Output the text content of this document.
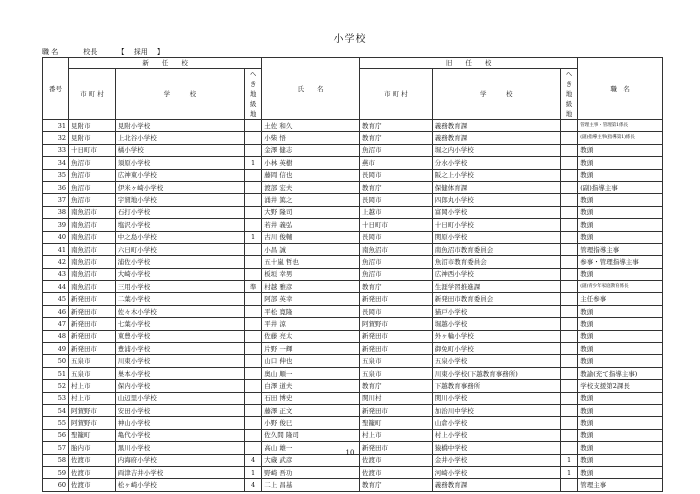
小学校
職 名　　　	校長　　	【　 採用　 】
番号	新　　任　　校			氏　　名	旧　　任　　校			職　名
	市 町 村	学　　　校	へき地級 地		市 町 村	学　　　校	へき地級 地	
31	見附市	見附小学校		土佐 和久	教育庁	義務教育課		管理主事・管理第1係長
32	見附市	上北谷小学校		小柴 悟	教育庁	義務教育課		(副)指導主事(指導第1)係長
33	十日町市	橘小学校		金澤 健志	魚沼市	堀之内小学校		教頭
34	魚沼市	須原小学校	1	小林 英樹	燕市	分水小学校		教頭
35	魚沼市	広神東小学校		藤岡 信也	長岡市	阪之上小学校		教頭
36	魚沼市	伊米ヶ崎小学校		渡部 宏夫	教育庁	保健体育課		(副)指導主事
37	魚沼市	宇賀地小学校		涌井 篤之	長岡市	四郎丸小学校		教頭
38	南魚沼市	石打小学校		大野 隆司	上越市	富岡小学校		教頭
39	南魚沼市	塩沢小学校		若井 義弘	十日町市	十日町小学校		教頭
40	南魚沼市	中之島小学校	1	古川 俊輔	長岡市	関原小学校		教頭
41	南魚沼市	六日町小学校		小昌 誠	南魚沼市	南魚沼市教育委員会		管理指導主事
42	南魚沼市	浦佐小学校		五十嵐 哲也	魚沼市	魚沼市教育委員会		参事・管理指導主事
43	南魚沼市	大崎小学校		板垣 幸男	魚沼市	広神西小学校		教頭
44	南魚沼市	三用小学校	準	村越 雅彦	教育庁	生涯学習推進課		(副)青少年家庭教育係長
45	新発田市	二葉小学校		阿部 英幸	新発田市	新発田市教育委員会		主任参事
46	新発田市	佐々木小学校		平松 寛隆	長岡市	猫戸小学校		教頭
47	新発田市	七葉小学校		平井 涼	阿賀野市	堀越小学校		教頭
48	新発田市	東豊小学校		佐藤 亮太	新発田市	外ヶ輪小学校		教頭
49	新発田市	豊浦小学校		片野 一輝	新発田市	御免町小学校		教頭
50	五泉市	川東小学校		山口 伸也	五泉市	五泉小学校		教頭
51	五泉市	巣本小学校		奥山 順一	五泉市	川東小学校(下越教育事務所)		教諭(充て指導主事)
52	村上市	保内小学校		白澤 道夫	教育庁	下越教育事務所		学校支援第2課長
53	村上市	山辺里小学校		石田 博史	関川村	関川小学校		教頭
54	阿賀野市	安田小学校		藤澤 正文	新発田市	加治川中学校		教頭
55	阿賀野市	神山小学校		小野 俊巳	聖籠町	山倉小学校		教頭
56	聖籠町	亀代小学校		佐久間 隆司	村上市	村上小学校		教頭
57	胎内市	黒川小学校		高山 雄一	新発田市	猿橋中学校		教頭
58	佐渡市	内海府小学校	4	大蔵 武彦	佐渡市	金井小学校	1	教頭
59	佐渡市	両津吉井小学校	1	野崎 吾功	佐渡市	河崎小学校	1	教頭
60	佐渡市	松ヶ崎小学校	4	二上 昌基	教育庁	義務教育課		管理主事
10
